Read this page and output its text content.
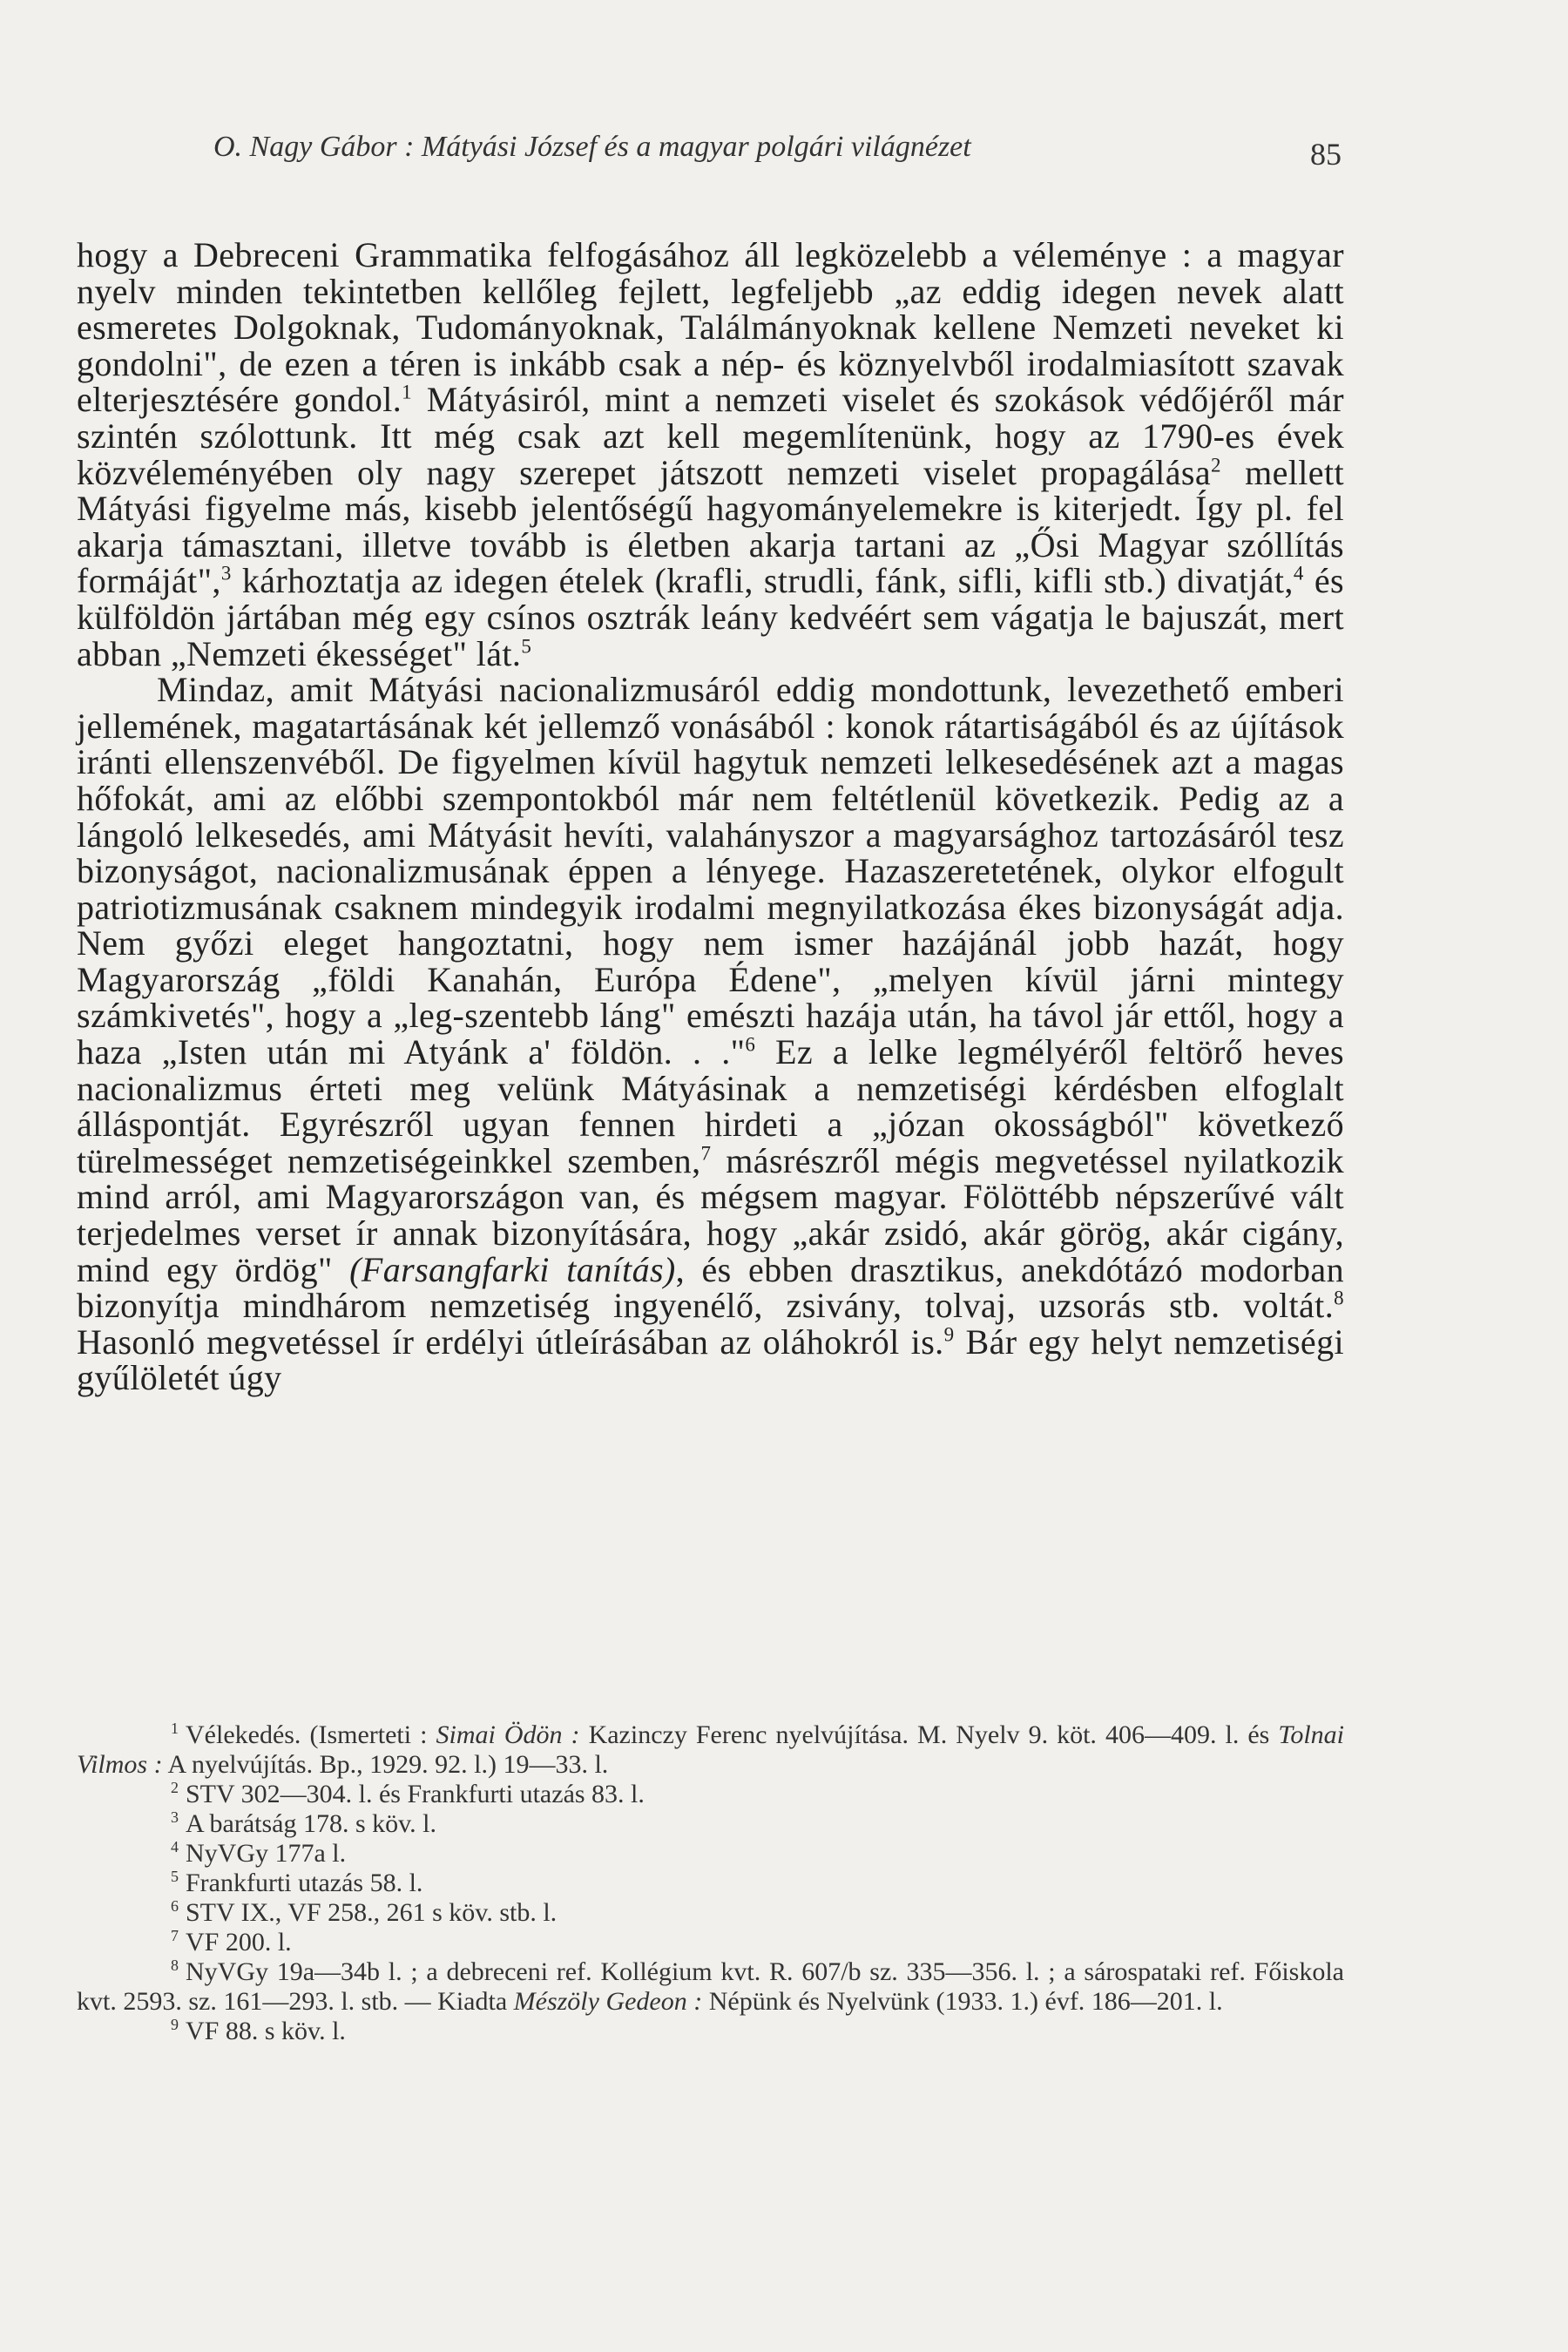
O. Nagy Gábor : Mátyási József és a magyar polgári világnézet	85

hogy a Debreceni Grammatika felfogásához áll legközelebb a véleménye : a magyar nyelv minden tekintetben kellőleg fejlett, legfeljebb „az eddig idegen nevek alatt esmeretes Dolgoknak, Tudományoknak, Találmányoknak kellene Nemzeti neveket ki gondolni", de ezen a téren is inkább csak a nép- és köznyelvből irodalmiasított szavak elterjesztésére gondol.$^1$ Mátyásiról, mint a nemzeti viselet és szokások védőjéről már szintén szólottunk. Itt még csak azt kell megemlítenünk, hogy az 1790-es évek közvéleményében oly nagy szerepet játszott nemzeti viselet propagálása$^2$ mellett Mátyási figyelme más, kisebb jelentőségű hagyományelemekre is kiterjedt. Így pl. fel akarja támasztani, illetve tovább is életben akarja tartani az „Ősi Magyar szóllítás formáját",$^3$ kárhoztatja az idegen ételek (krafli, strudli, fánk, sifli, kifli stb.) divatját,$^4$ és külföldön jártában még egy csínos osztrák leány kedvéért sem vágatja le bajuszát, mert abban „Nemzeti ékességet" lát.$^5$

Mindaz, amit Mátyási nacionalizmusáról eddig mondottunk, levezethető emberi jellemének, magatartásának két jellemző vonásából : konok rátartiságából és az újítások iránti ellenszenvéből. De figyelmen kívül hagytuk nemzeti lelkesedésének azt a magas hőfokát, ami az előbbi szempontokból már nem feltétlenül következik. Pedig az a lángoló lelkesedés, ami Mátyásit hevíti, valahányszor a magyarsághoz tartozásáról tesz bizonyságot, nacionalizmusának éppen a lényege. Hazaszeretetének, olykor elfogult patriotizmusának csaknem mindegyik irodalmi megnyilatkozása ékes bizonyságát adja. Nem győzi eleget hangoztatni, hogy nem ismer hazájánál jobb hazát, hogy Magyarország „földi Kanahán, Európa Édene", „melyen kívül járni mintegy számkivetés", hogy a „leg-szentebb láng" emészti hazája után, ha távol jár ettől, hogy a haza „Isten után mi Atyánk a' földön. . ."$^6$ Ez a lelke legmélyéről feltörő heves nacionalizmus érteti meg velünk Mátyásinak a nemzetiségi kérdésben elfoglalt álláspontját. Egyrészről ugyan fennen hirdeti a „józan okosságból" következő türelmességet nemzetiségeinkkel szemben,$^7$ másrészről mégis megvetéssel nyilatkozik mind arról, ami Magyarországon van, és mégsem magyar. Fölöttébb népszerűvé vált terjedelmes verset ír annak bizonyítására, hogy „akár zsidó, akár görög, akár cigány, mind egy ördög" (Farsangfarki tanítás), és ebben drasztikus, anekdótázó modorban bizonyítja mindhárom nemzetiség ingyenélő, zsivány, tolvaj, uzsorás stb. voltát.$^8$ Hasonló megvetéssel ír erdélyi útleírásában az oláhokról is.$^9$ Bár egy helyt nemzetiségi gyűlöletét úgy

$^1$ Vélekedés. (Ismerteti : Simai Ödön : Kazinczy Ferenc nyelvújítása. M. Nyelv 9. köt. 406—409. l. és Tolnai Vilmos : A nyelvújítás. Bp., 1929. 92. l.) 19—33. l.

$^2$ STV 302—304. l. és Frankfurti utazás 83. l.

$^3$ A barátság 178. s köv. l.

$^4$ NyVGy 177a l.

$^5$ Frankfurti utazás 58. l.

$^6$ STV IX., VF 258., 261 s köv. stb. l.

$^7$ VF 200. l.

$^8$ NyVGy 19a—34b l. ; a debreceni ref. Kollégium kvt. R. 607/b sz. 335—356. l. ; a sárospataki ref. Főiskola kvt. 2593. sz. 161—293. l. stb. — Kiadta Mészöly Gedeon : Népünk és Nyelvünk (1933. 1.) évf. 186—201. l.

$^9$ VF 88. s köv. l.
